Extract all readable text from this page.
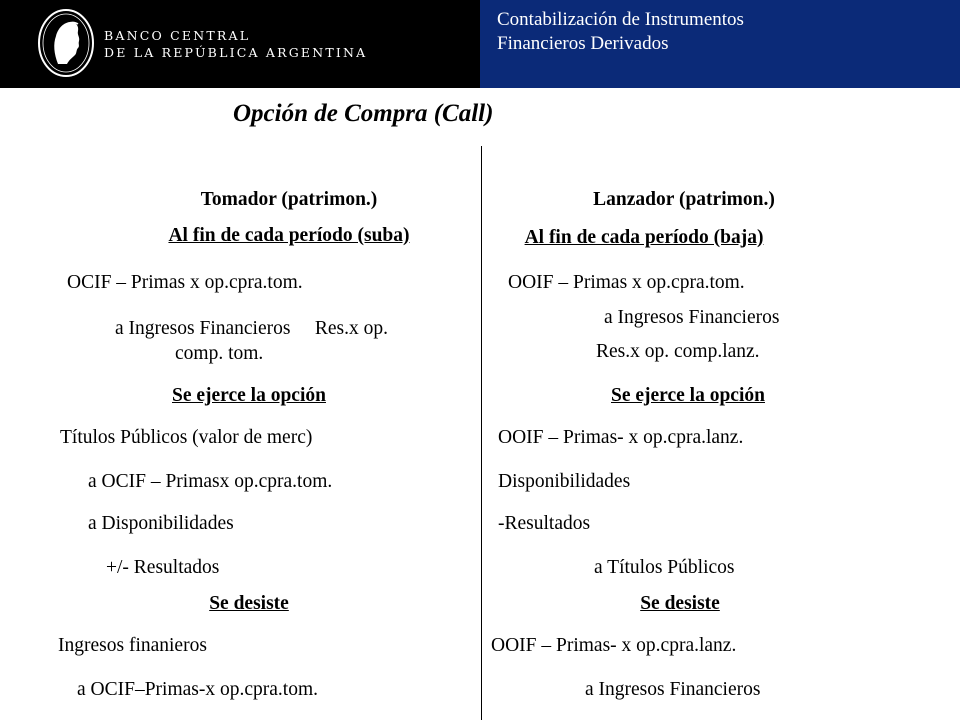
BANCO CENTRAL
DE LA REPÚBLICA ARGENTINA
Contabilización de Instrumentos
Financieros Derivados
Opción de Compra (Call)
Tomador (patrimon.)
Al fin de cada período (suba)
OCIF – Primas x op.cpra.tom.
a Ingresos Financieros     Res.x op.
comp. tom.
Se ejerce la opción
Títulos Públicos (valor de merc)
a OCIF – Primasx op.cpra.tom.
a Disponibilidades
+/- Resultados
Se desiste
Ingresos finanieros
a OCIF–Primas-x op.cpra.tom.
Lanzador (patrimon.)
Al fin de cada período (baja)
OOIF – Primas x op.cpra.tom.
a Ingresos Financieros
Res.x op. comp.lanz.
Se ejerce la opción
OOIF – Primas- x op.cpra.lanz.
Disponibilidades
-Resultados
a Títulos Públicos
Se desiste
OOIF – Primas- x op.cpra.lanz.
a Ingresos Financieros
